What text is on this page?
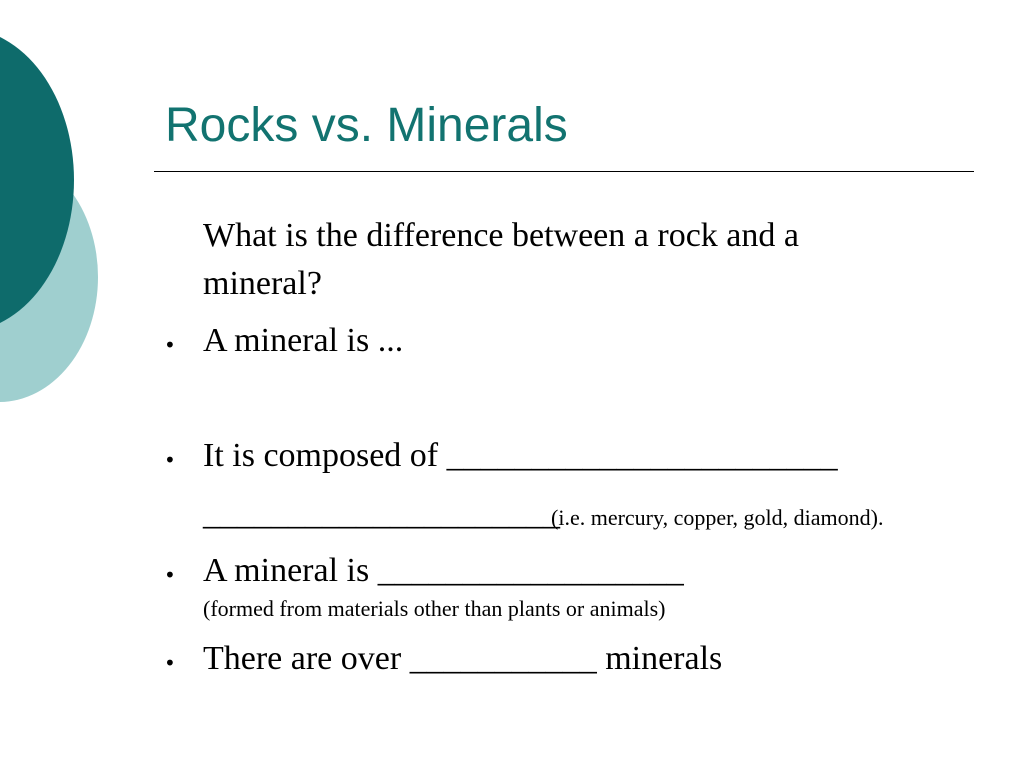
Rocks vs. Minerals

What is the difference between a rock and a

mineral?

• A mineral is ...

• It is composed of _______________________

_____________________

(i.e. mercury, copper, gold, diamond).

• A mineral is __________________

(formed from materials other than plants or animals)

• There are over ___________ minerals
